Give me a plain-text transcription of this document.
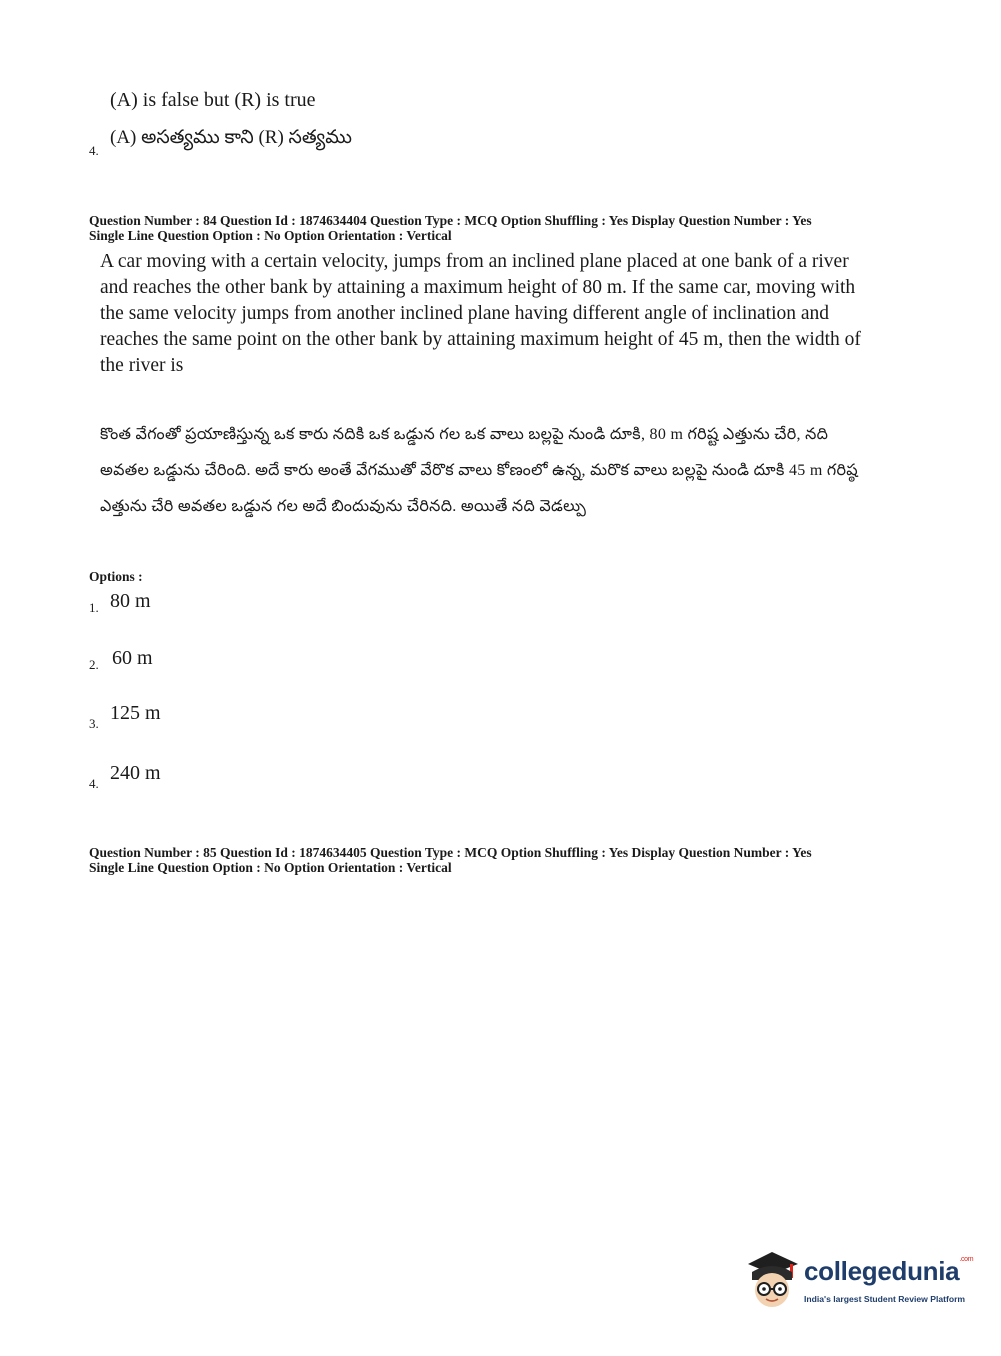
(A) is false but (R) is true
4.
(A) అసత్యము కాని (R) సత్యము
Question Number : 84 Question Id : 1874634404 Question Type : MCQ Option Shuffling : Yes Display Question Number : Yes
Single Line Question Option : No Option Orientation : Vertical
A car moving with a certain velocity, jumps from an inclined plane placed at one bank of a river and reaches the other bank by attaining a maximum height of 80 m. If the same car, moving with the same velocity jumps from another inclined plane having different angle of inclination and reaches the same point on the other bank by attaining maximum height of 45 m, then the width of the river is
కొంత వేగంతో ప్రయాణిస్తున్న ఒక కారు నదికి ఒక ఒడ్డున గల ఒక వాలు బల్లపై నుండి దూకి, 80 m గరిష్ట ఎత్తును చేరి, నది అవతల ఒడ్డును చేరింది. అదే కారు అంతే వేగముతో వేరొక వాలు కోణంలో ఉన్న, మరొక వాలు బల్లపై నుండి దూకి 45 m గరిష్ఠ ఎత్తును చేరి అవతల ఒడ్డున గల అదే బిందువును చేరినది. అయితే నది వెడల్పు
Options :
1. 80 m
2. 60 m
3. 125 m
4. 240 m
Question Number : 85 Question Id : 1874634405 Question Type : MCQ Option Shuffling : Yes Display Question Number : Yes
Single Line Question Option : No Option Orientation : Vertical
collegedunia$^{.com}$
India's largest Student Review Platform
